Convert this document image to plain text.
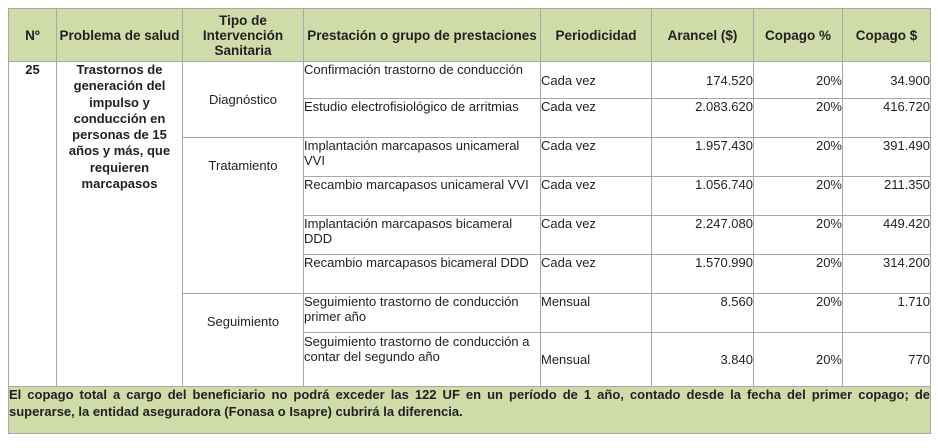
Nº	Problema de salud	Tipo de Intervención Sanitaria	Prestación o grupo de prestaciones	Periodicidad	Arancel ($)	Copago %	Copago $
25	Trastornos de generación del impulso y conducción en personas de 15 años y más, que requieren marcapasos	Diagnóstico	Confirmación trastorno de conducción	Cada vez	174.520	20%	34.900
			Estudio electrofisiológico de arritmias	Cada vez	2.083.620	20%	416.720
		Tratamiento	Implantación marcapasos unicameral VVI	Cada vez	1.957.430	20%	391.490
			Recambio marcapasos unicameral VVI	Cada vez	1.056.740	20%	211.350
			Implantación marcapasos bicameral DDD	Cada vez	2.247.080	20%	449.420
			Recambio marcapasos bicameral DDD	Cada vez	1.570.990	20%	314.200
		Seguimiento	Seguimiento trastorno de conducción primer año	Mensual	8.560	20%	1.710
			Seguimiento trastorno de conducción a contar del segundo año	Mensual	3.840	20%	770
El copago total a cargo del beneficiario no podrá exceder las 122 UF en un período de 1 año, contado desde la fecha del primer copago; de superarse, la entidad aseguradora (Fonasa o Isapre) cubrirá la diferencia.							
